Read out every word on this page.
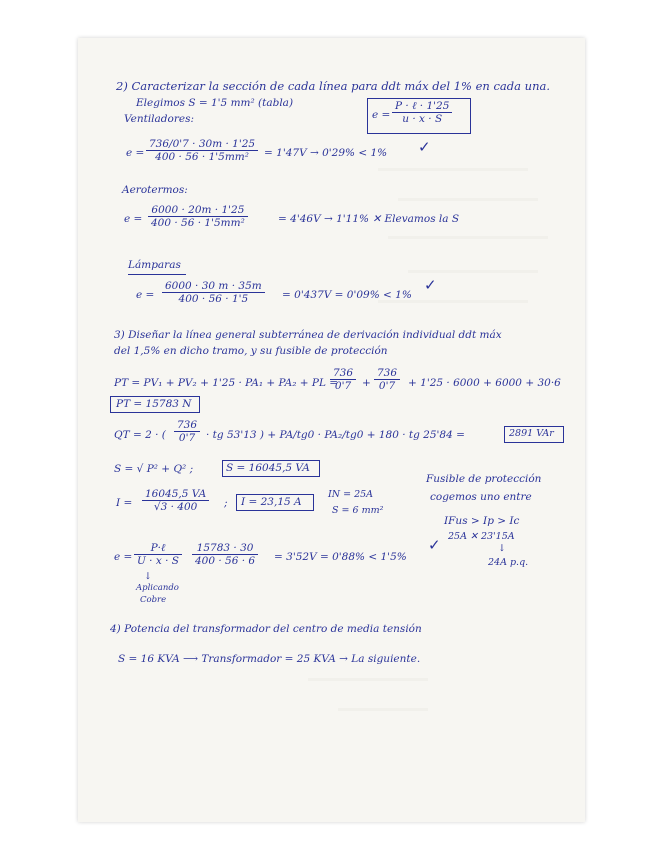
2) Caracterizar la sección de cada línea para ddt máx del 1% en cada una.
Elegimos S = 1'5 mm² (tabla)
Ventiladores:	e =
P · ℓ · 1'25
u · x · S
$e = \frac{736/0'7 \cdot 30m \cdot 1'25}{\text{400 · 56 · 1'5mm²}} = 1'47V \to 0'29\% < 1\%$ ✓
Aerotermos:
$e = \frac{6000 \cdot 20m \cdot 1'25}{\text{400 · 56 · 1'5mm²}}$	= 4'46V → 1'11% ✕ Elevamos la S
Lámparas
$e = \frac{6000 \cdot 30 m \cdot 35m}{400 \cdot 56 \cdot 1'5} = 0'437V = 0'09\% < 1\%$
✓
3) Diseñar la línea general subterránea de derivación individual ddt máx
del 1,5% en dicho tramo, y su fusible de protección
PT = PV₁ + PV₂ + 1'25 · PA₁ + PA₂ + PL =
$\frac{736}{0'7} + \frac{736}{0'7} + 1'25 \cdot 6000 + 6000 + 30\cdot 6$
PT = 15783 N
QT = 2 · ( $\frac{736}{0'7}$ · tg 53'13 ) + PA/tg0 · PA₂/tg0 + 180 · tg 25'84 =	2891 VAr
S = √ P² + Q² ;	S = 16045,5 VA
$I = \frac{16045,5 VA}{√3 \cdot 400}$ ; I = 23,15 A
IN = 25A
S = 6 mm²
Fusible de protección
cogemos uno entre
IFus > Ip > Ic
25A ✕ 23'15A
↓
24A p.q.
e =
P·ℓ
U · x · S $\frac{15783 \cdot 30}{400 \cdot 56 \cdot 6} = 3'52V = 0'88\% < 1'5\%$
✓
↓
Aplicando
Cobre
4) Potencia del transformador del centro de media tensión
S = 16 KVA ⟶ Transformador = 25 KVA → La siguiente.
